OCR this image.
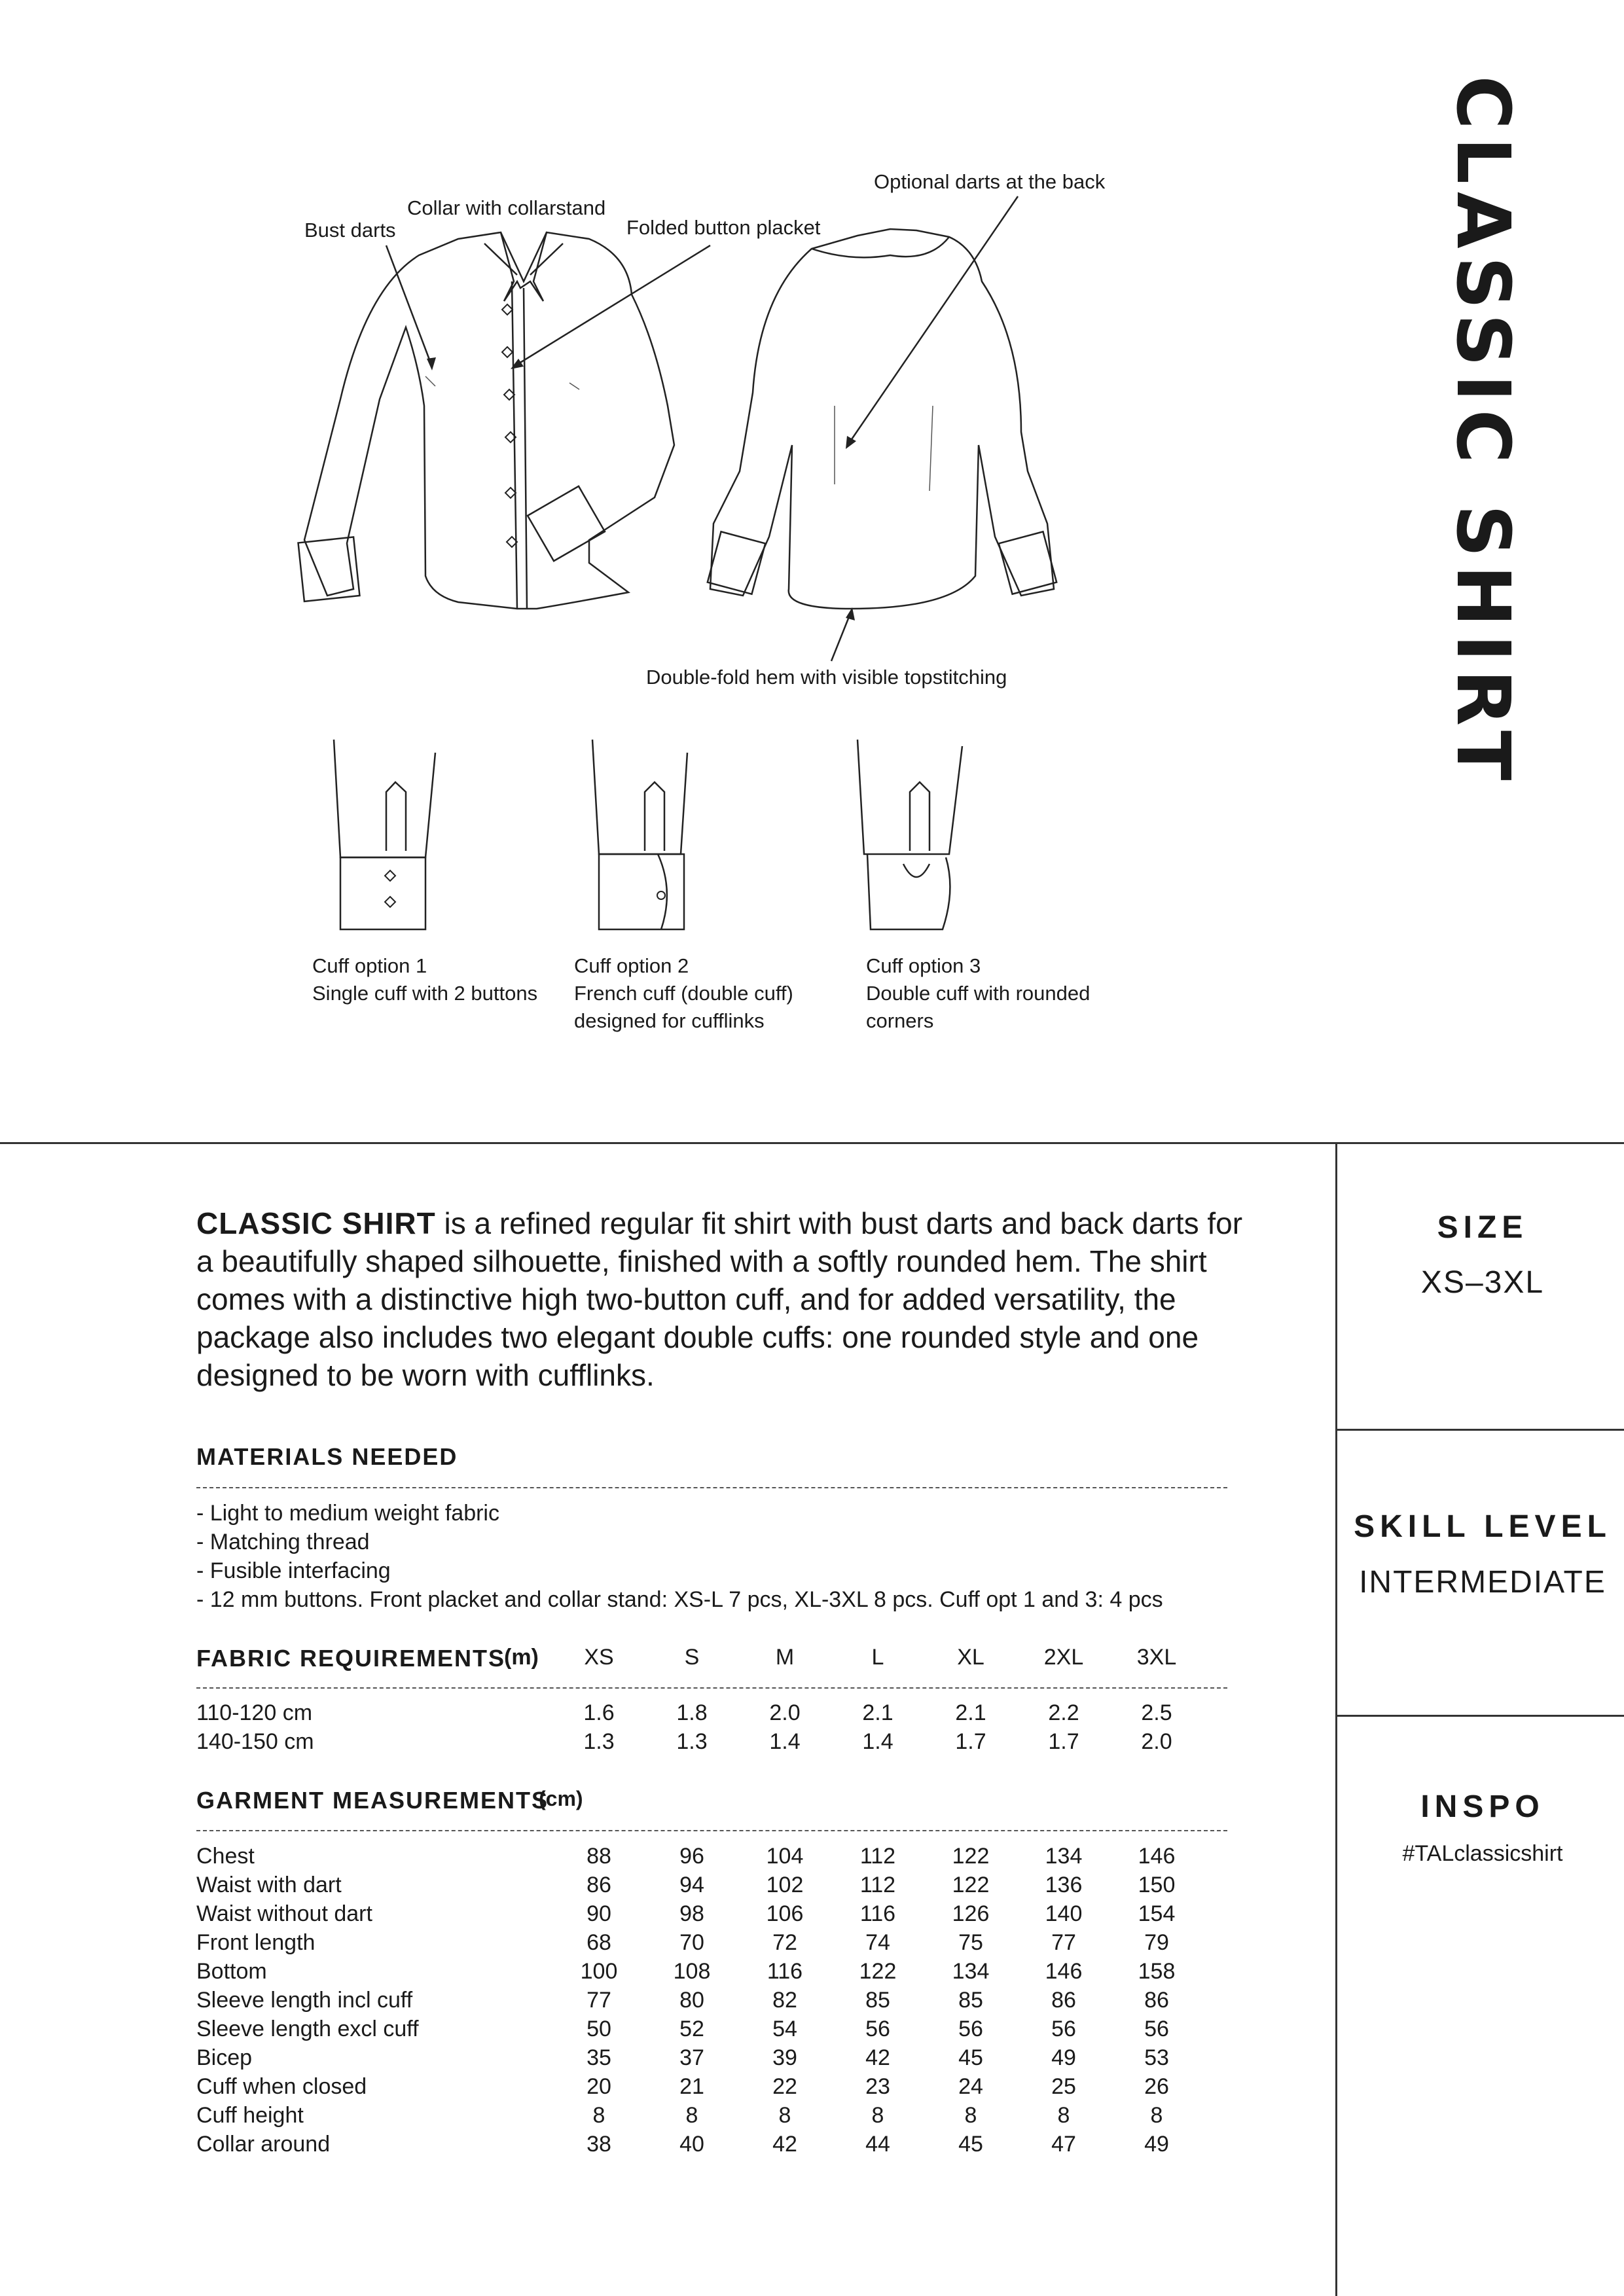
CLASSIC SHIRT
Bust darts
Collar with collarstand
Folded button placket
Optional darts at the back
Double-fold hem with visible topstitching
Cuff option 1
Single cuff with 2 buttons
Cuff option 2
French cuff (double cuff)
designed for cufflinks
Cuff option 3
Double cuff with rounded
corners
SIZE
XS–3XL
SKILL LEVEL
INTERMEDIATE
INSPO
#TALclassicshirt
CLASSIC SHIRT is a refined regular fit shirt with bust darts and back darts for a beautifully shaped silhouette, finished with a softly rounded hem. The shirt comes with a distinctive high two-button cuff, and for added versatility, the package also includes two elegant double cuffs: one rounded style and one designed to be worn with cufflinks.
MATERIALS NEEDED
- Light to medium weight fabric
- Matching thread
- Fusible interfacing
- 12 mm buttons. Front placket and collar stand: XS-L 7 pcs, XL-3XL 8 pcs. Cuff opt 1 and 3: 4 pcs
FABRIC REQUIREMENTS
(m)	XS	S	M	L	XL	2XL	3XL
110-120 cm	1.6	1.8	2.0	2.1	2.1	2.2	2.5
140-150 cm	1.3	1.3	1.4	1.4	1.7	1.7	2.0
GARMENT MEASUREMENTS
(cm)
Chest	88	96	104	112	122	134	146
Waist with dart	86	94	102	112	122	136	150
Waist without dart	90	98	106	116	126	140	154
Front length	68	70	72	74	75	77	79
Bottom	100	108	116	122	134	146	158
Sleeve length incl cuff	77	80	82	85	85	86	86
Sleeve length excl cuff	50	52	54	56	56	56	56
Bicep	35	37	39	42	45	49	53
Cuff when closed	20	21	22	23	24	25	26
Cuff height	8	8	8	8	8	8	8
Collar around	38	40	42	44	45	47	49
